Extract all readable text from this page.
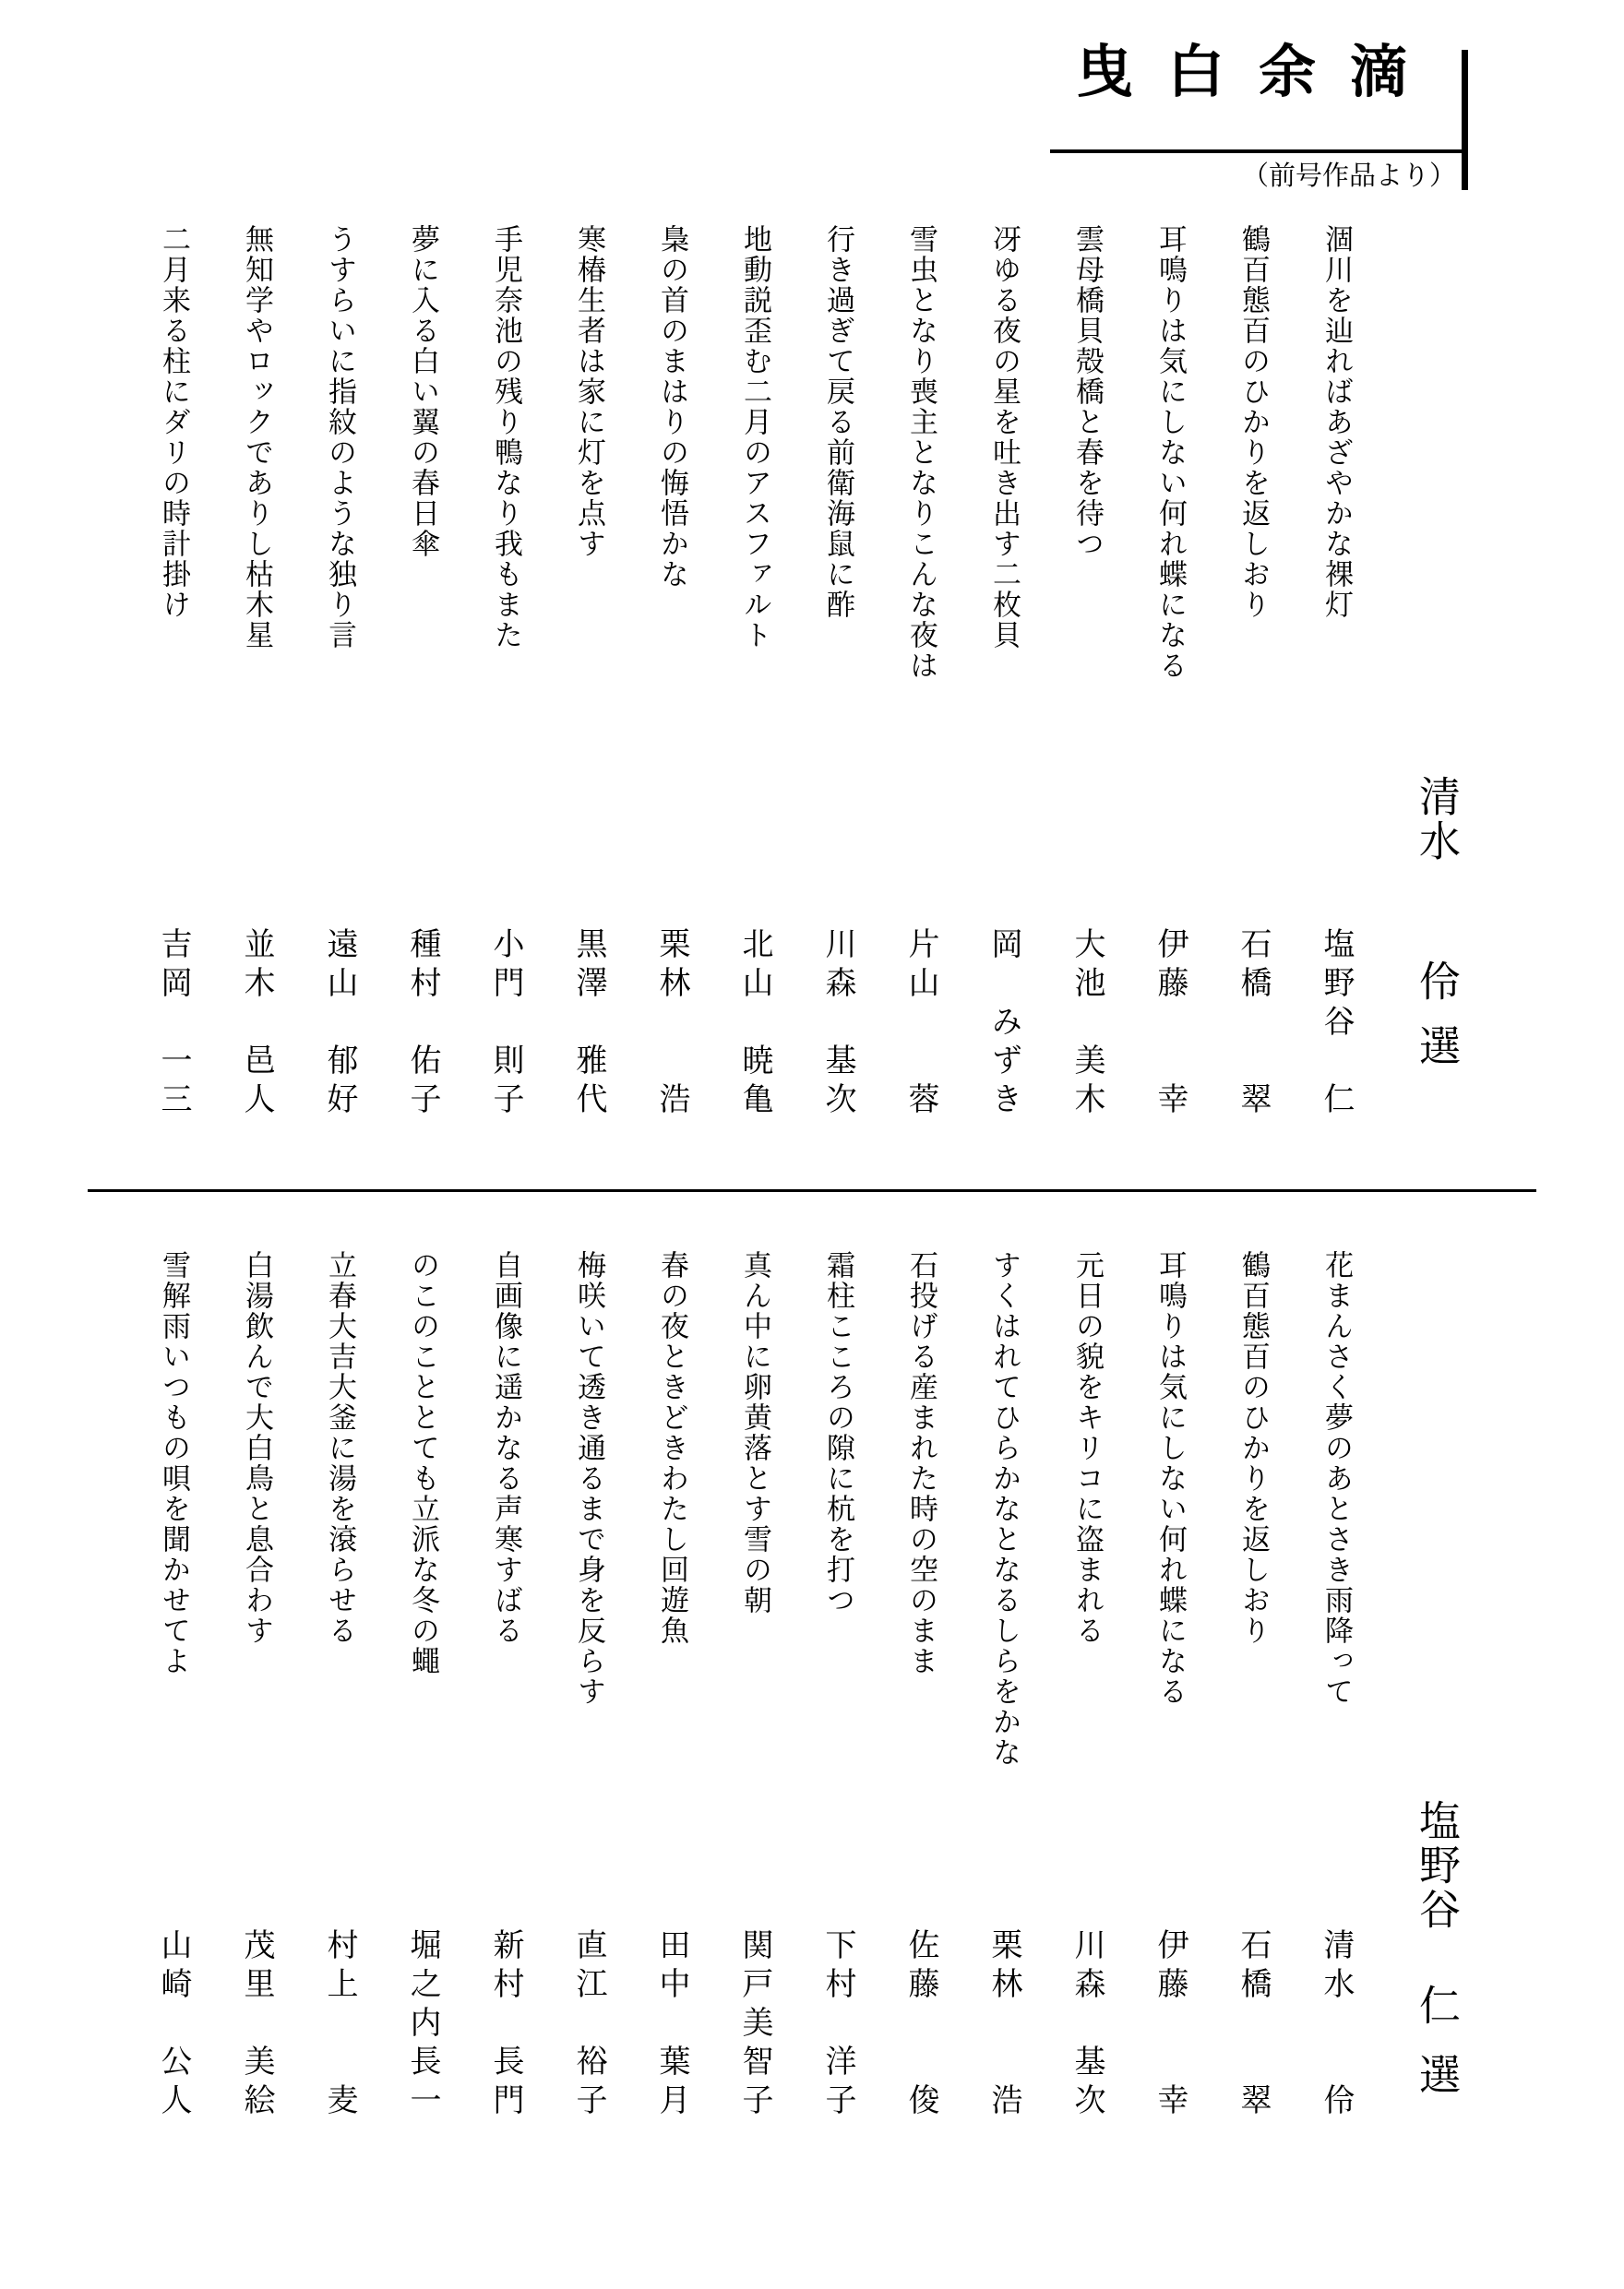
曳白余滴
（前号作品より）
清水
伶
選
涸川を辿ればあざやかな裸灯
塩野谷
仁
鶴百態百のひかりを返しおり
石橋
翠
耳鳴りは気にしない何れ蝶になる
伊藤
幸
雲母橋貝殻橋と春を待つ
大池
美木
冴ゆる夜の星を吐き出す二枚貝
岡
みずき
雪虫となり喪主となりこんな夜は
片山
蓉
行き過ぎて戻る前衛海鼠に酢
川森
基次
地動説歪む二月のアスファルト
北山
暁亀
梟の首のまはりの悔悟かな
栗林
浩
寒椿生者は家に灯を点す
黒澤
雅代
手児奈池の残り鴨なり我もまた
小門
則子
夢に入る白い翼の春日傘
種村
佑子
うすらいに指紋のような独り言
遠山
郁好
無知学やロックでありし枯木星
並木
邑人
二月来る柱にダリの時計掛け
吉岡
一三
塩野谷
仁
選
花まんさく夢のあとさき雨降って
清水
伶
鶴百態百のひかりを返しおり
石橋
翠
耳鳴りは気にしない何れ蝶になる
伊藤
幸
元日の貌をキリコに盗まれる
川森
基次
すくはれてひらかなとなるしらをかな
栗林
浩
石投げる産まれた時の空のまま
佐藤
俊
霜柱こころの隙に杭を打つ
下村
洋子
真ん中に卵黄落とす雪の朝
関戸美智子
春の夜ときどきわたし回遊魚
田中
葉月
梅咲いて透き通るまで身を反らす
直江
裕子
自画像に遥かなる声寒すばる
新村
長門
のこのこととても立派な冬の蠅
堀之内長一
立春大吉大釜に湯を滾らせる
村上
麦
白湯飲んで大白鳥と息合わす
茂里
美絵
雪解雨いつもの唄を聞かせてよ
山崎
公人
